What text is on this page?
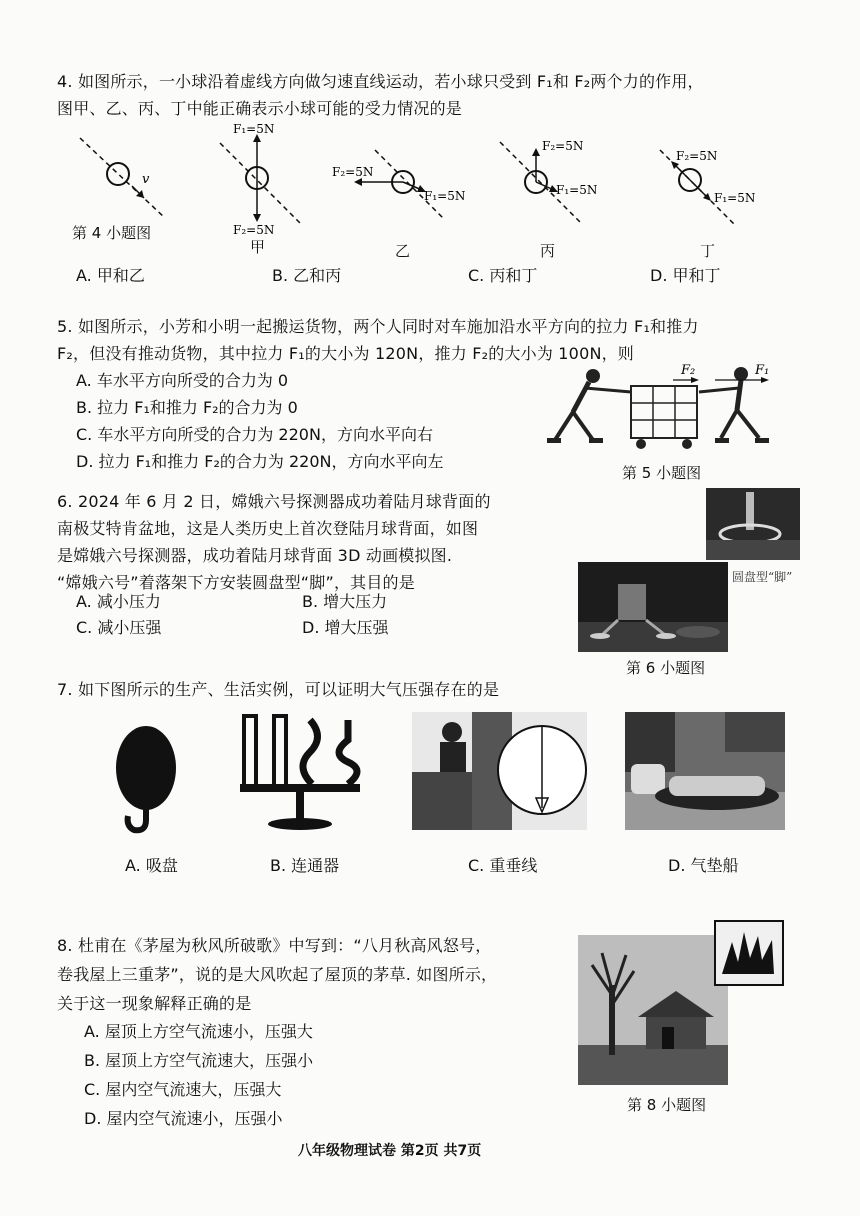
4. 如图所示，一小球沿着虚线方向做匀速直线运动，若小球只受到 F₁和 F₂两个力的作用，
图甲、乙、丙、丁中能正确表示小球可能的受力情况的是
v
第 4 小题图
F₁=5N
F₂=5N
甲
F₂=5N
F₁=5N
乙
F₂=5N
F₁=5N
丙
F₂=5N
F₁=5N
丁
A. 甲和乙	B. 乙和丙	C. 丙和丁	D. 甲和丁
5. 如图所示，小芳和小明一起搬运货物，两个人同时对车施加沿水平方向的拉力 F₁和推力
F₂，但没有推动货物，其中拉力 F₁的大小为 120N，推力 F₂的大小为 100N，则
A. 车水平方向所受的合力为 0
B. 拉力 F₁和推力 F₂的合力为 0
C. 车水平方向所受的合力为 220N，方向水平向右
D. 拉力 F₁和推力 F₂的合力为 220N，方向水平向左
F₂	F₁
第 5 小题图
6. 2024 年 6 月 2 日，嫦娥六号探测器成功着陆月球背面的
南极艾特肯盆地，这是人类历史上首次登陆月球背面，如图
是嫦娥六号探测器，成功着陆月球背面 3D 动画模拟图.
“嫦娥六号”着落架下方安装圆盘型“脚”，其目的是
A. 减小压力	B. 增大压力
C. 减小压强	D. 增大压强
圆盘型“脚”
第 6 小题图
7. 如下图所示的生产、生活实例，可以证明大气压强存在的是
A. 吸盘	B. 连通器	C. 重垂线	D. 气垫船
8. 杜甫在《茅屋为秋风所破歌》中写到：“八月秋高风怒号，
卷我屋上三重茅”，说的是大风吹起了屋顶的茅草. 如图所示，
关于这一现象解释正确的是
A. 屋顶上方空气流速小，压强大
B. 屋顶上方空气流速大，压强小
C. 屋内空气流速大，压强大
D. 屋内空气流速小，压强小
第 8 小题图
八年级物理试卷 第2页 共7页
